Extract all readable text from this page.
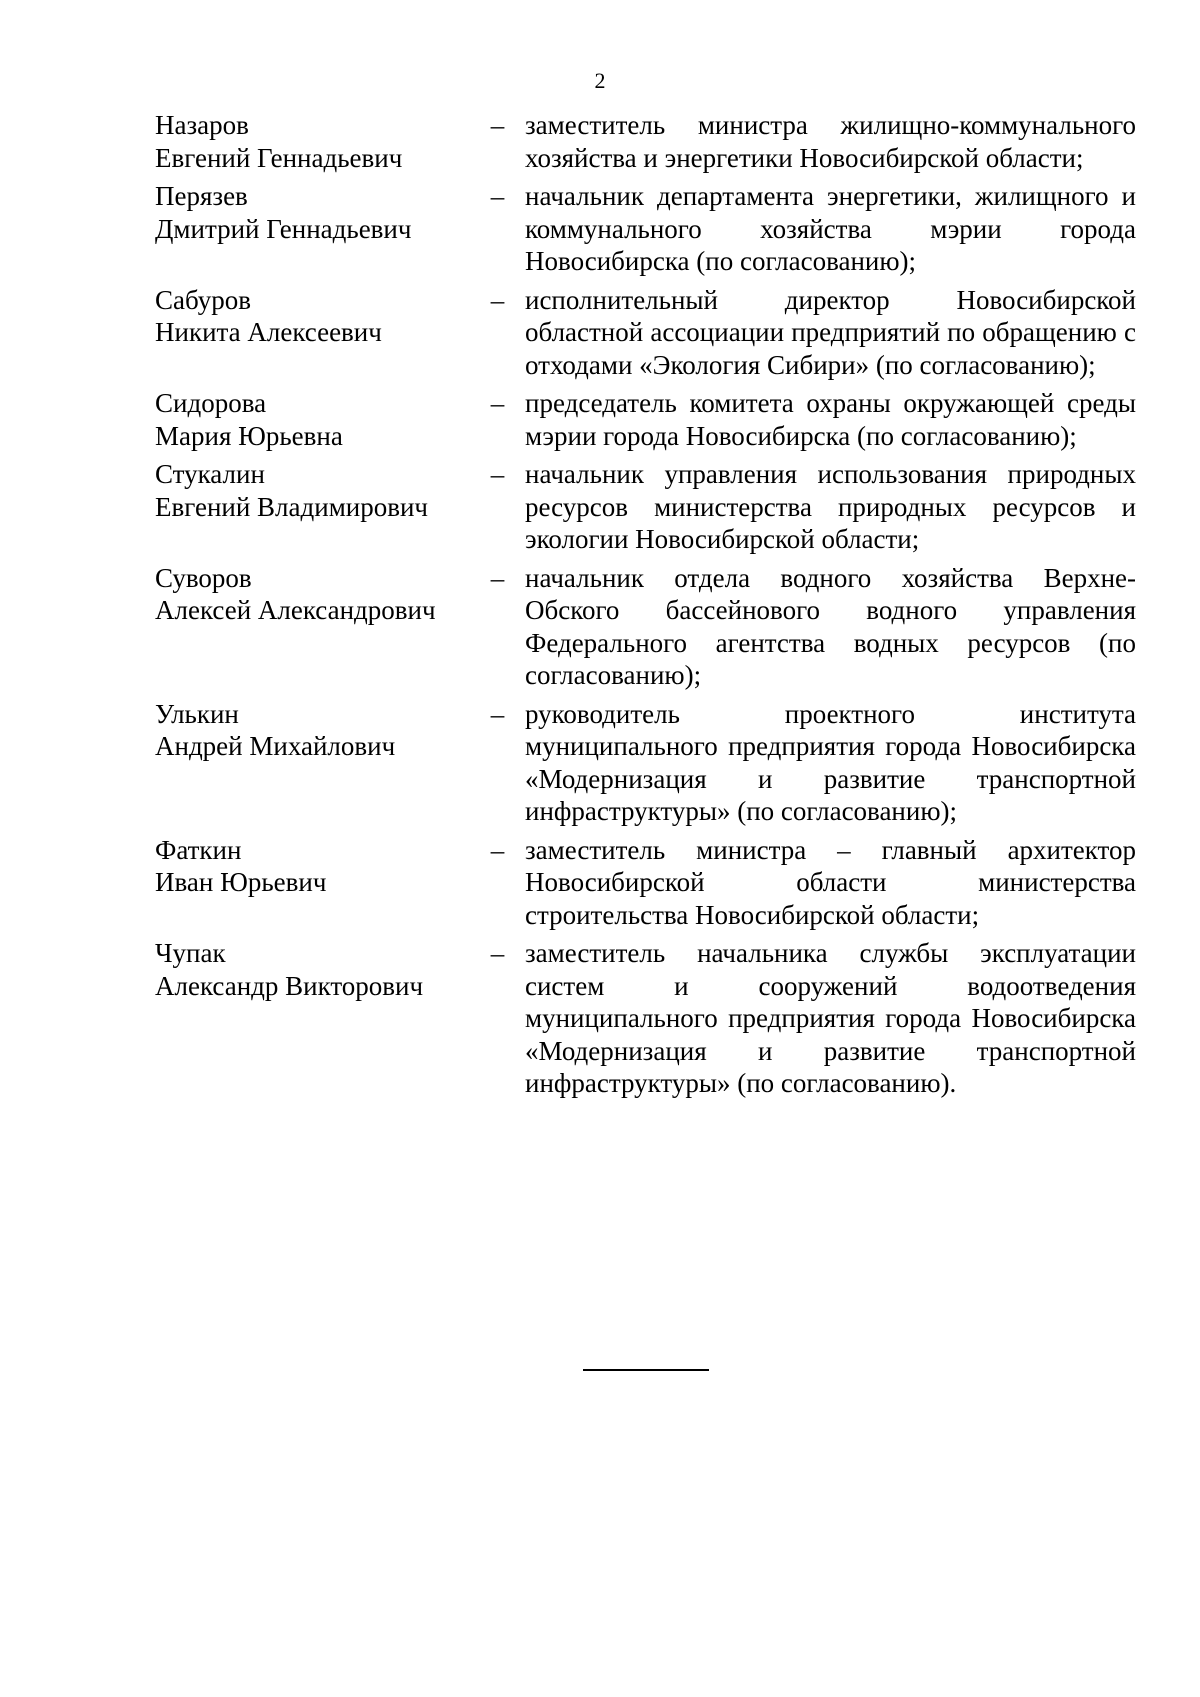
2
Назаров
Евгений Геннадьевич
– заместитель министра жилищно-коммунального хозяйства и энергетики Новосибирской области;
Перязев
Дмитрий Геннадьевич
– начальник департамента энергетики, жилищного и коммунального хозяйства мэрии города Новосибирска (по согласованию);
Сабуров
Никита Алексеевич
– исполнительный директор Новосибирской областной ассоциации предприятий по обращению с отходами «Экология Сибири» (по согласованию);
Сидорова
Мария Юрьевна
– председатель комитета охраны окружающей среды мэрии города Новосибирска (по согласованию);
Стукалин
Евгений Владимирович
– начальник управления использования природных ресурсов министерства природных ресурсов и экологии Новосибирской области;
Суворов
Алексей Александрович
– начальник отдела водного хозяйства Верхне-Обского бассейнового водного управления Федерального агентства водных ресурсов (по согласованию);
Улькин
Андрей Михайлович
– руководитель проектного института муниципального предприятия города Новосибирска «Модернизация и развитие транспортной инфраструктуры» (по согласованию);
Фаткин
Иван Юрьевич
– заместитель министра – главный архитектор Новосибирской области министерства строительства Новосибирской области;
Чупак
Александр Викторович
– заместитель начальника службы эксплуатации систем и сооружений водоотведения муниципального предприятия города Новосибирска «Модернизация и развитие транспортной инфраструктуры» (по согласованию).
